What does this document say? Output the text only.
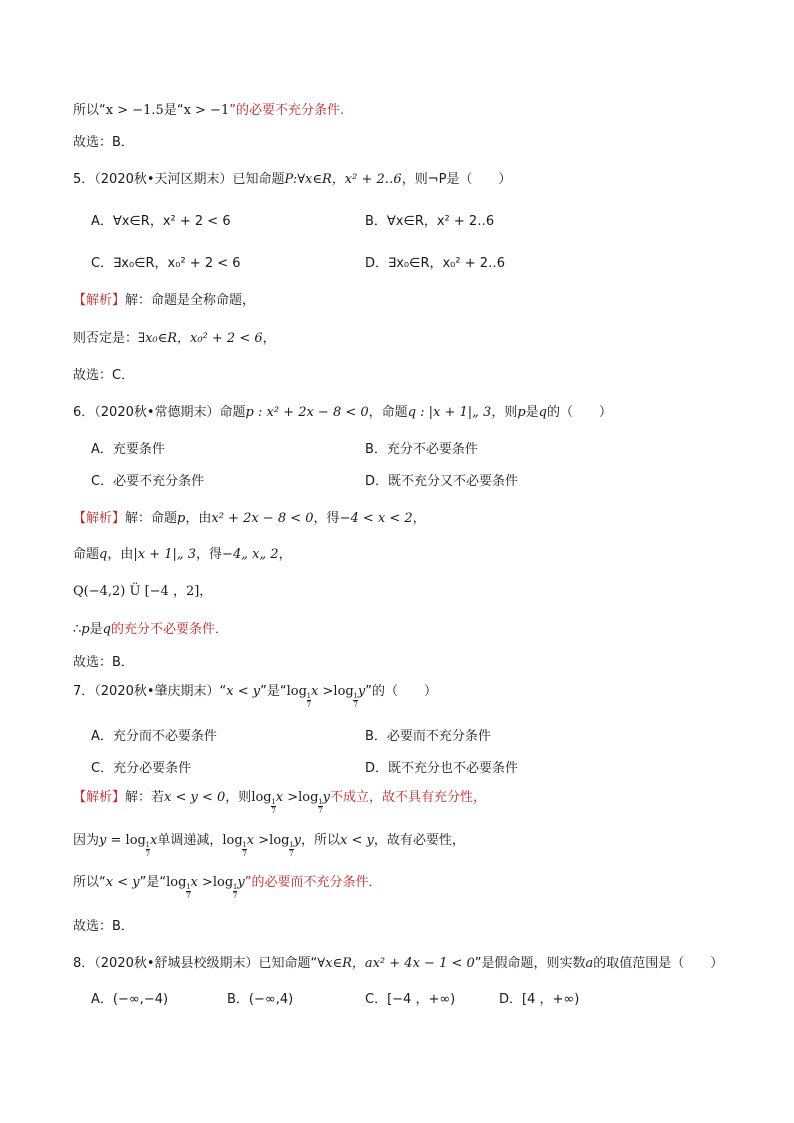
所以“x > −1.5是“x > −1”的必要不充分条件.
故选：B．
5．（2020秋•天河区期末）已知命题P:∀x∈R，x² + 2‥6，则¬P是（　　）
A．∀x∈R，x² + 2 < 6	B．∀x∈R，x² + 2‥6
C．∃x₀∈R，x₀² + 2 < 6	D．∃x₀∈R，x₀² + 2‥6
【解析】解：命题是全称命题，
则否定是：∃x₀∈R，x₀² + 2 < 6，
故选：C．
6．（2020秋•常德期末）命题p : x² + 2x − 8 < 0，命题q : |x + 1|„ 3，则p是q的（　　）
A．充要条件	B．充分不必要条件
C．必要不充分条件	D．既不充分又不必要条件
【解析】解：命题p，由x² + 2x − 8 < 0，得−4 < x < 2，
命题q，由|x + 1|„ 3，得−4„ x„ 2，
Q(−4,2) Ü [−4 ，2]，
∴p是q的充分不必要条件．
故选：B．
7．（2020秋•肇庆期末）“x < y”是“log
$\frac{1}{7}$
x >log
$\frac{1}{7}$
y”的（　　）
A．充分而不必要条件	B．必要而不充分条件
C．充分必要条件	D．既不充分也不必要条件
【解析】解：若x < y < 0，则log
$\frac{1}{7}$
x >log
$\frac{1}{7}$
y不成立，故不具有充分性，
因为y = log
$\frac{1}{7}$
x单调递减，log
$\frac{1}{7}$
x >log
$\frac{1}{7}$
y，所以x < y，故有必要性，
所以“x < y”是“log
$\frac{1}{7}$
x >log
$\frac{1}{7}$
y”的必要而不充分条件．
故选：B．
8．（2020秋•舒城县校级期末）已知命题“∀x∈R，ax² + 4x − 1 < 0”是假命题，则实数a的取值范围是（　　）
A．(−∞,−4)	B．(−∞,4)	C．[−4 ，+∞)	D．[4 ，+∞)
